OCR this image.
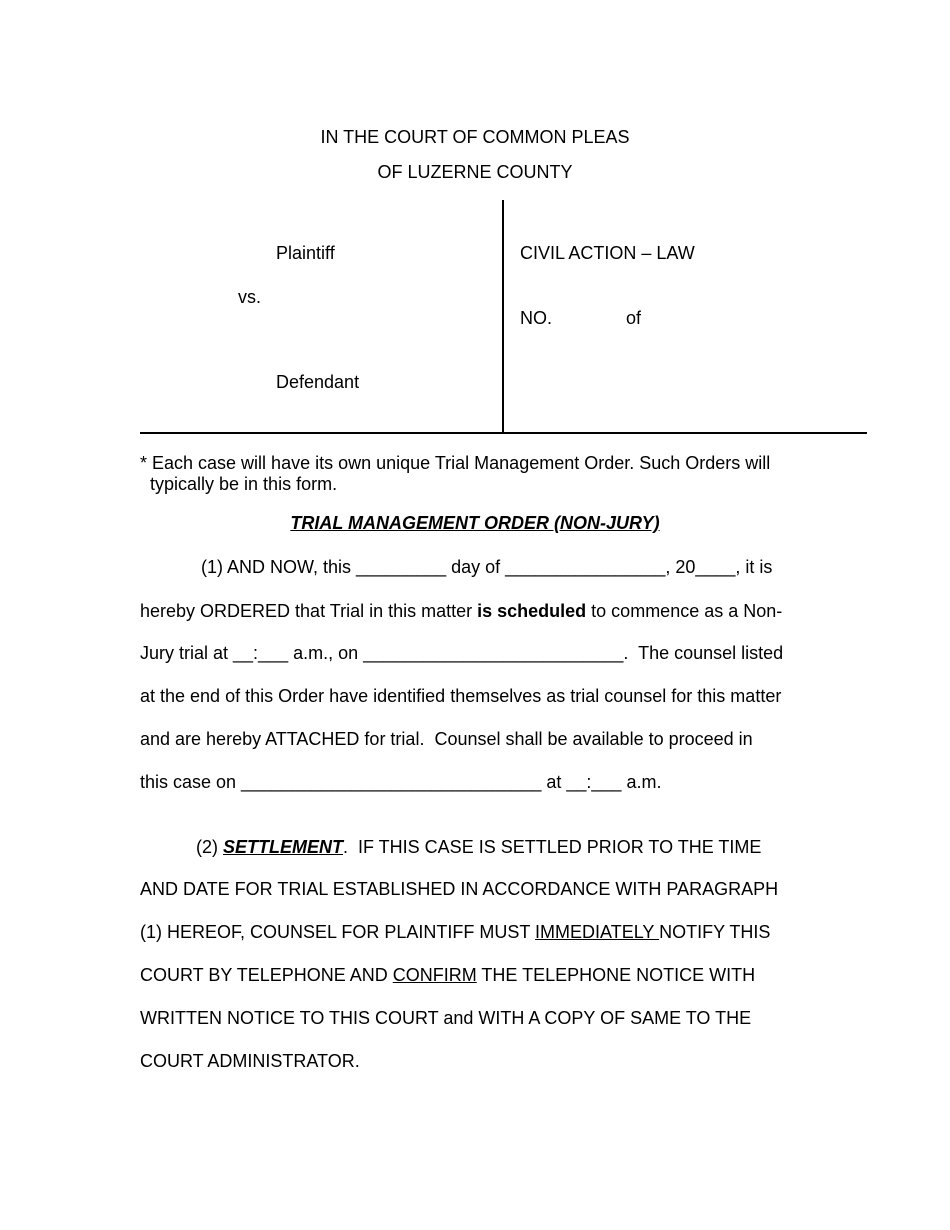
IN THE COURT OF COMMON PLEAS
OF LUZERNE COUNTY
Plaintiff
vs.
Defendant
CIVIL ACTION – LAW
NO.	of
* Each case will have its own unique Trial Management Order. Such Orders will
typically be in this form.
TRIAL MANAGEMENT ORDER (NON-JURY)
(1) AND NOW, this _________ day of ________________, 20____, it is
hereby ORDERED that Trial in this matter is scheduled to commence as a Non-
Jury trial at __:___ a.m., on __________________________.  The counsel listed
at the end of this Order have identified themselves as trial counsel for this matter
and are hereby ATTACHED for trial.  Counsel shall be available to proceed in
this case on ______________________________ at __:___ a.m.
(2) SETTLEMENT.  IF THIS CASE IS SETTLED PRIOR TO THE TIME
AND DATE FOR TRIAL ESTABLISHED IN ACCORDANCE WITH PARAGRAPH
(1) HEREOF, COUNSEL FOR PLAINTIFF MUST IMMEDIATELY NOTIFY THIS
COURT BY TELEPHONE AND CONFIRM THE TELEPHONE NOTICE WITH
WRITTEN NOTICE TO THIS COURT and WITH A COPY OF SAME TO THE
COURT ADMINISTRATOR.
